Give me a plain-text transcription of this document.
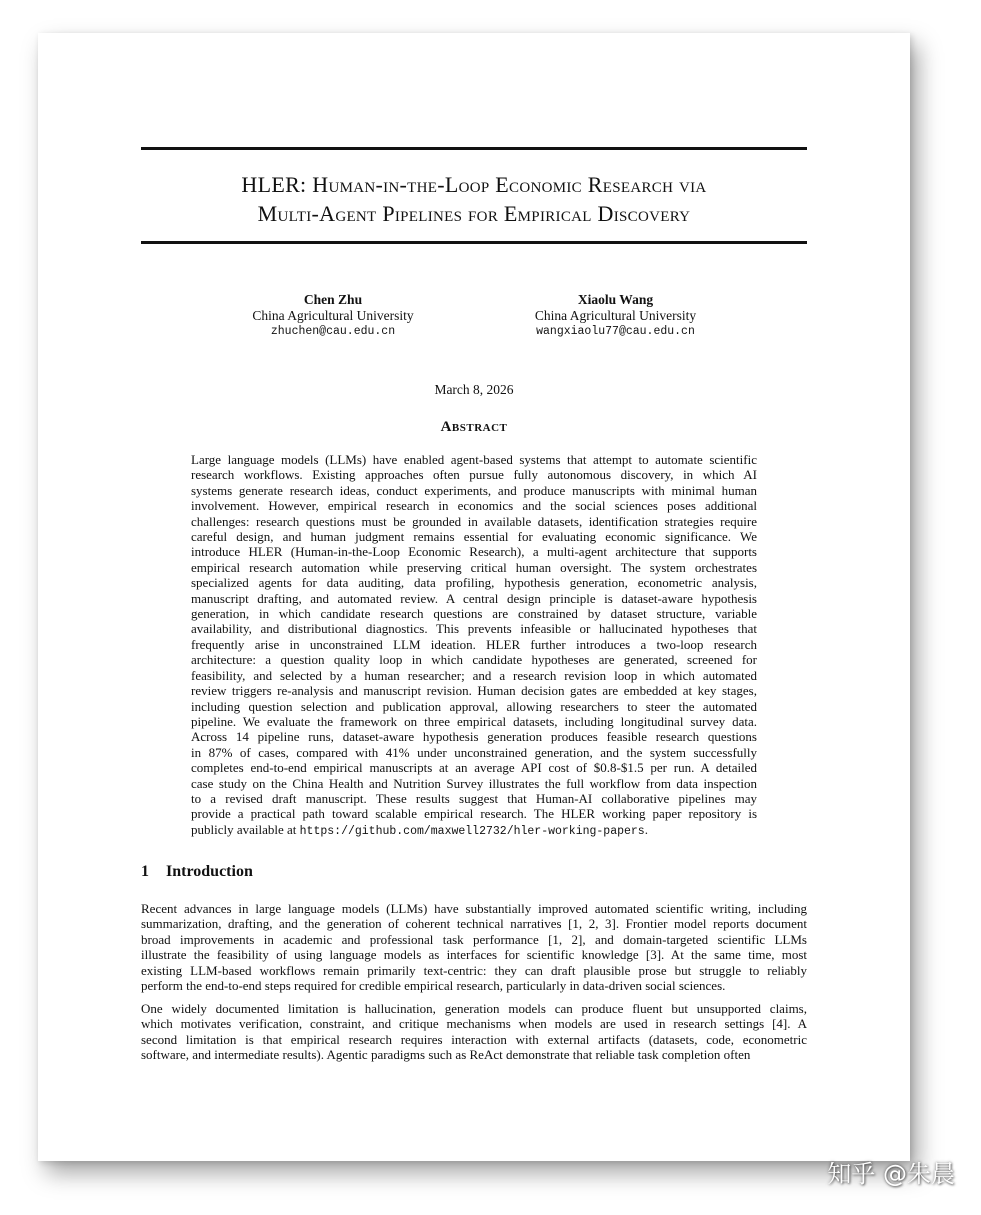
HLER: Human-in-the-Loop Economic Research via
Multi-Agent Pipelines for Empirical Discovery
Chen Zhu
China Agricultural University
zhuchen@cau.edu.cn
Xiaolu Wang
China Agricultural University
wangxiaolu77@cau.edu.cn
March 8, 2026
Abstract
Large language models (LLMs) have enabled agent-based systems that attempt to automate scientific
research workflows. Existing approaches often pursue fully autonomous discovery, in which AI
systems generate research ideas, conduct experiments, and produce manuscripts with minimal human
involvement. However, empirical research in economics and the social sciences poses additional
challenges: research questions must be grounded in available datasets, identification strategies require
careful design, and human judgment remains essential for evaluating economic significance. We
introduce HLER (Human-in-the-Loop Economic Research), a multi-agent architecture that supports
empirical research automation while preserving critical human oversight. The system orchestrates
specialized agents for data auditing, data profiling, hypothesis generation, econometric analysis,
manuscript drafting, and automated review. A central design principle is dataset-aware hypothesis
generation, in which candidate research questions are constrained by dataset structure, variable
availability, and distributional diagnostics. This prevents infeasible or hallucinated hypotheses that
frequently arise in unconstrained LLM ideation. HLER further introduces a two-loop research
architecture: a question quality loop in which candidate hypotheses are generated, screened for
feasibility, and selected by a human researcher; and a research revision loop in which automated
review triggers re-analysis and manuscript revision. Human decision gates are embedded at key stages,
including question selection and publication approval, allowing researchers to steer the automated
pipeline. We evaluate the framework on three empirical datasets, including longitudinal survey data.
Across 14 pipeline runs, dataset-aware hypothesis generation produces feasible research questions
in 87% of cases, compared with 41% under unconstrained generation, and the system successfully
completes end-to-end empirical manuscripts at an average API cost of $0.8-$1.5 per run. A detailed
case study on the China Health and Nutrition Survey illustrates the full workflow from data inspection
to a revised draft manuscript. These results suggest that Human-AI collaborative pipelines may
provide a practical path toward scalable empirical research. The HLER working paper repository is
publicly available at https://github.com/maxwell2732/hler-working-papers.
1 Introduction
Recent advances in large language models (LLMs) have substantially improved automated scientific writing, including
summarization, drafting, and the generation of coherent technical narratives [1, 2, 3]. Frontier model reports document
broad improvements in academic and professional task performance [1, 2], and domain-targeted scientific LLMs
illustrate the feasibility of using language models as interfaces for scientific knowledge [3]. At the same time, most
existing LLM-based workflows remain primarily text-centric: they can draft plausible prose but struggle to reliably
perform the end-to-end steps required for credible empirical research, particularly in data-driven social sciences.
One widely documented limitation is hallucination, generation models can produce fluent but unsupported claims,
which motivates verification, constraint, and critique mechanisms when models are used in research settings [4]. A
second limitation is that empirical research requires interaction with external artifacts (datasets, code, econometric
software, and intermediate results). Agentic paradigms such as ReAct demonstrate that reliable task completion often
知乎 @朱晨
